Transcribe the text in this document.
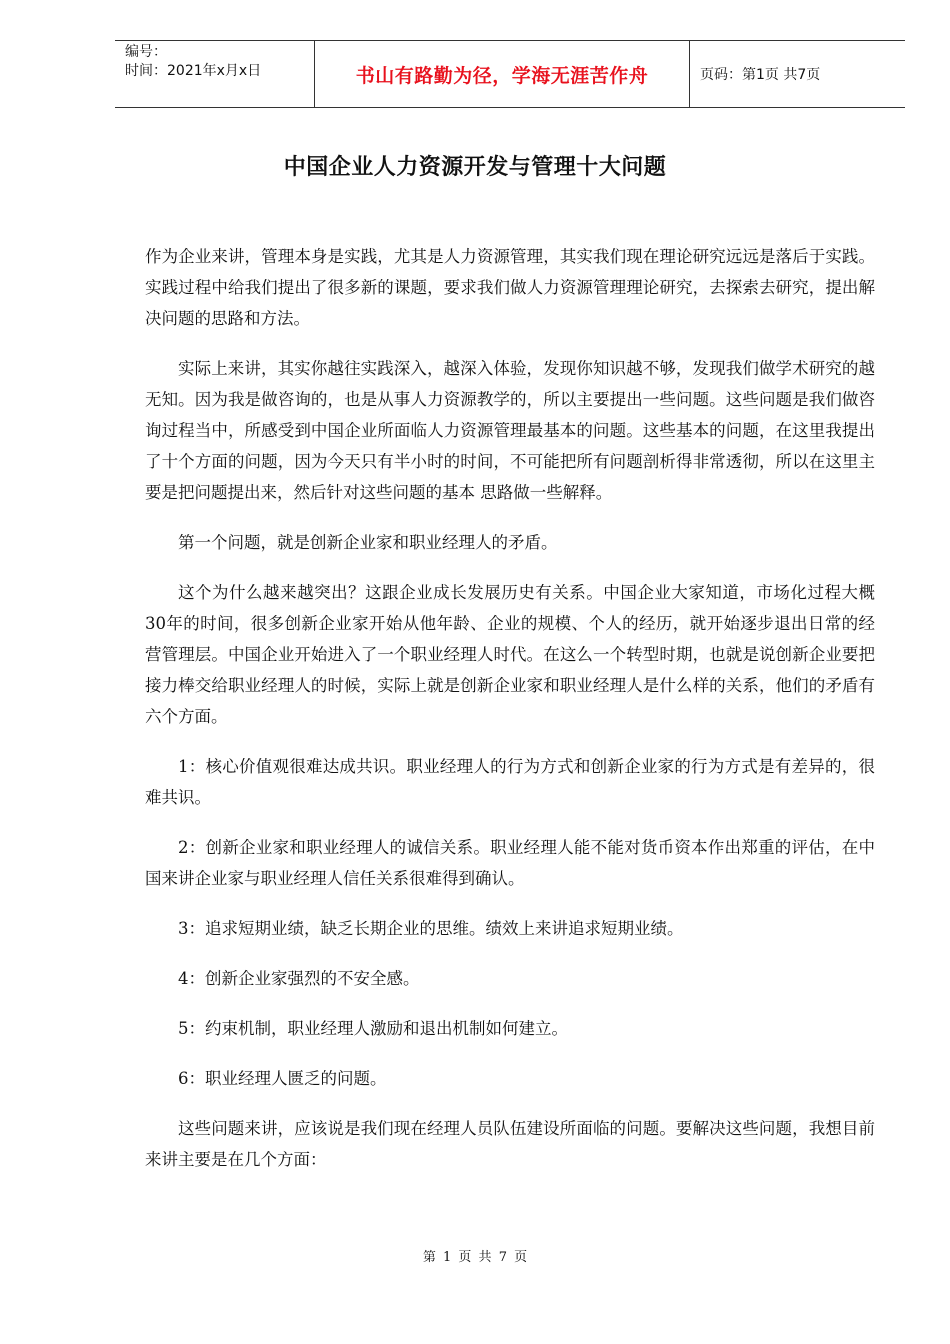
编号：
时间：2021年x月x日	书山有路勤为径，学海无涯苦作舟	页码：第1页 共7页
中国企业人力资源开发与管理十大问题

作为企业来讲，管理本身是实践，尤其是人力资源管理，其实我们现在理论研究远远是落后于实践。实践过程中给我们提出了很多新的课题，要求我们做人力资源管理理论研究，去探索去研究，提出解决问题的思路和方法。

实际上来讲，其实你越往实践深入，越深入体验，发现你知识越不够，发现我们做学术研究的越无知。因为我是做咨询的，也是从事人力资源教学的，所以主要提出一些问题。这些问题是我们做咨询过程当中，所感受到中国企业所面临人力资源管理最基本的问题。这些基本的问题，在这里我提出了十个方面的问题，因为今天只有半小时的时间，不可能把所有问题剖析得非常透彻，所以在这里主要是把问题提出来，然后针对这些问题的基本 思路做一些解释。

第一个问题，就是创新企业家和职业经理人的矛盾。

这个为什么越来越突出？这跟企业成长发展历史有关系。中国企业大家知道，市场化过程大概30年的时间，很多创新企业家开始从他年龄、企业的规模、个人的经历，就开始逐步退出日常的经营管理层。中国企业开始进入了一个职业经理人时代。在这么一个转型时期，也就是说创新企业要把接力棒交给职业经理人的时候，实际上就是创新企业家和职业经理人是什么样的关系，他们的矛盾有六个方面。

1：核心价值观很难达成共识。职业经理人的行为方式和创新企业家的行为方式是有差异的，很难共识。

2：创新企业家和职业经理人的诚信关系。职业经理人能不能对货币资本作出郑重的评估，在中国来讲企业家与职业经理人信任关系很难得到确认。

3：追求短期业绩，缺乏长期企业的思维。绩效上来讲追求短期业绩。

4：创新企业家强烈的不安全感。

5：约束机制，职业经理人激励和退出机制如何建立。

6：职业经理人匮乏的问题。

这些问题来讲，应该说是我们现在经理人员队伍建设所面临的问题。要解决这些问题，我想目前来讲主要是在几个方面：

第 1 页 共 7 页
